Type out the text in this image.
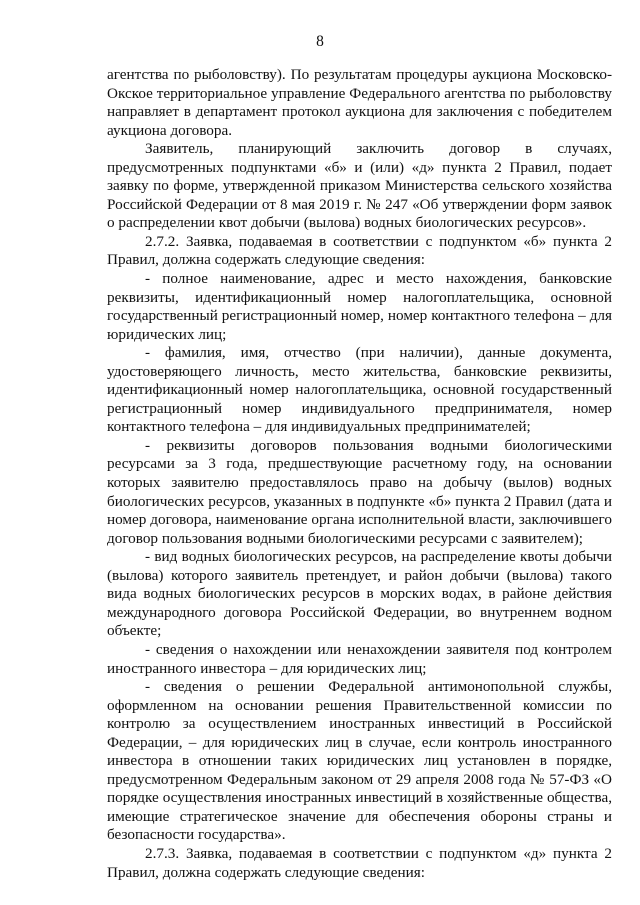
8

агентства по рыболовству). По результатам процедуры аукциона Московско-Окское территориальное управление Федерального агентства по рыболовству направляет в департамент протокол аукциона для заключения с победителем аукциона договора.

Заявитель, планирующий заключить договор в случаях, предусмотренных подпунктами «б» и (или) «д» пункта 2 Правил, подает заявку по форме, утвержденной приказом Министерства сельского хозяйства Российской Федерации от 8 мая 2019 г. № 247 «Об утверждении форм заявок о распределении квот добычи (вылова) водных биологических ресурсов».

2.7.2. Заявка, подаваемая в соответствии с подпунктом «б» пункта 2 Правил, должна содержать следующие сведения:

- полное наименование, адрес и место нахождения, банковские реквизиты, идентификационный номер налогоплательщика, основной государственный регистрационный номер, номер контактного телефона – для юридических лиц;

- фамилия, имя, отчество (при наличии), данные документа, удостоверяющего личность, место жительства, банковские реквизиты, идентификационный номер налогоплательщика, основной государственный регистрационный номер индивидуального предпринимателя, номер контактного телефона – для индивидуальных предпринимателей;

- реквизиты договоров пользования водными биологическими ресурсами за 3 года, предшествующие расчетному году, на основании которых заявителю предоставлялось право на добычу (вылов) водных биологических ресурсов, указанных в подпункте «б» пункта 2 Правил (дата и номер договора, наименование органа исполнительной власти, заключившего договор пользования водными биологическими ресурсами с заявителем);

- вид водных биологических ресурсов, на распределение квоты добычи (вылова) которого заявитель претендует, и район добычи (вылова) такого вида водных биологических ресурсов в морских водах, в районе действия международного договора Российской Федерации, во внутреннем водном объекте;

- сведения о нахождении или ненахождении заявителя под контролем иностранного инвестора – для юридических лиц;

- сведения о решении Федеральной антимонопольной службы, оформленном на основании решения Правительственной комиссии по контролю за осуществлением иностранных инвестиций в Российской Федерации, – для юридических лиц в случае, если контроль иностранного инвестора в отношении таких юридических лиц установлен в порядке, предусмотренном Федеральным законом от 29 апреля 2008 года № 57-ФЗ «О порядке осуществления иностранных инвестиций в хозяйственные общества, имеющие стратегическое значение для обеспечения обороны страны и безопасности государства».

2.7.3. Заявка, подаваемая в соответствии с подпунктом «д» пункта 2 Правил, должна содержать следующие сведения:
